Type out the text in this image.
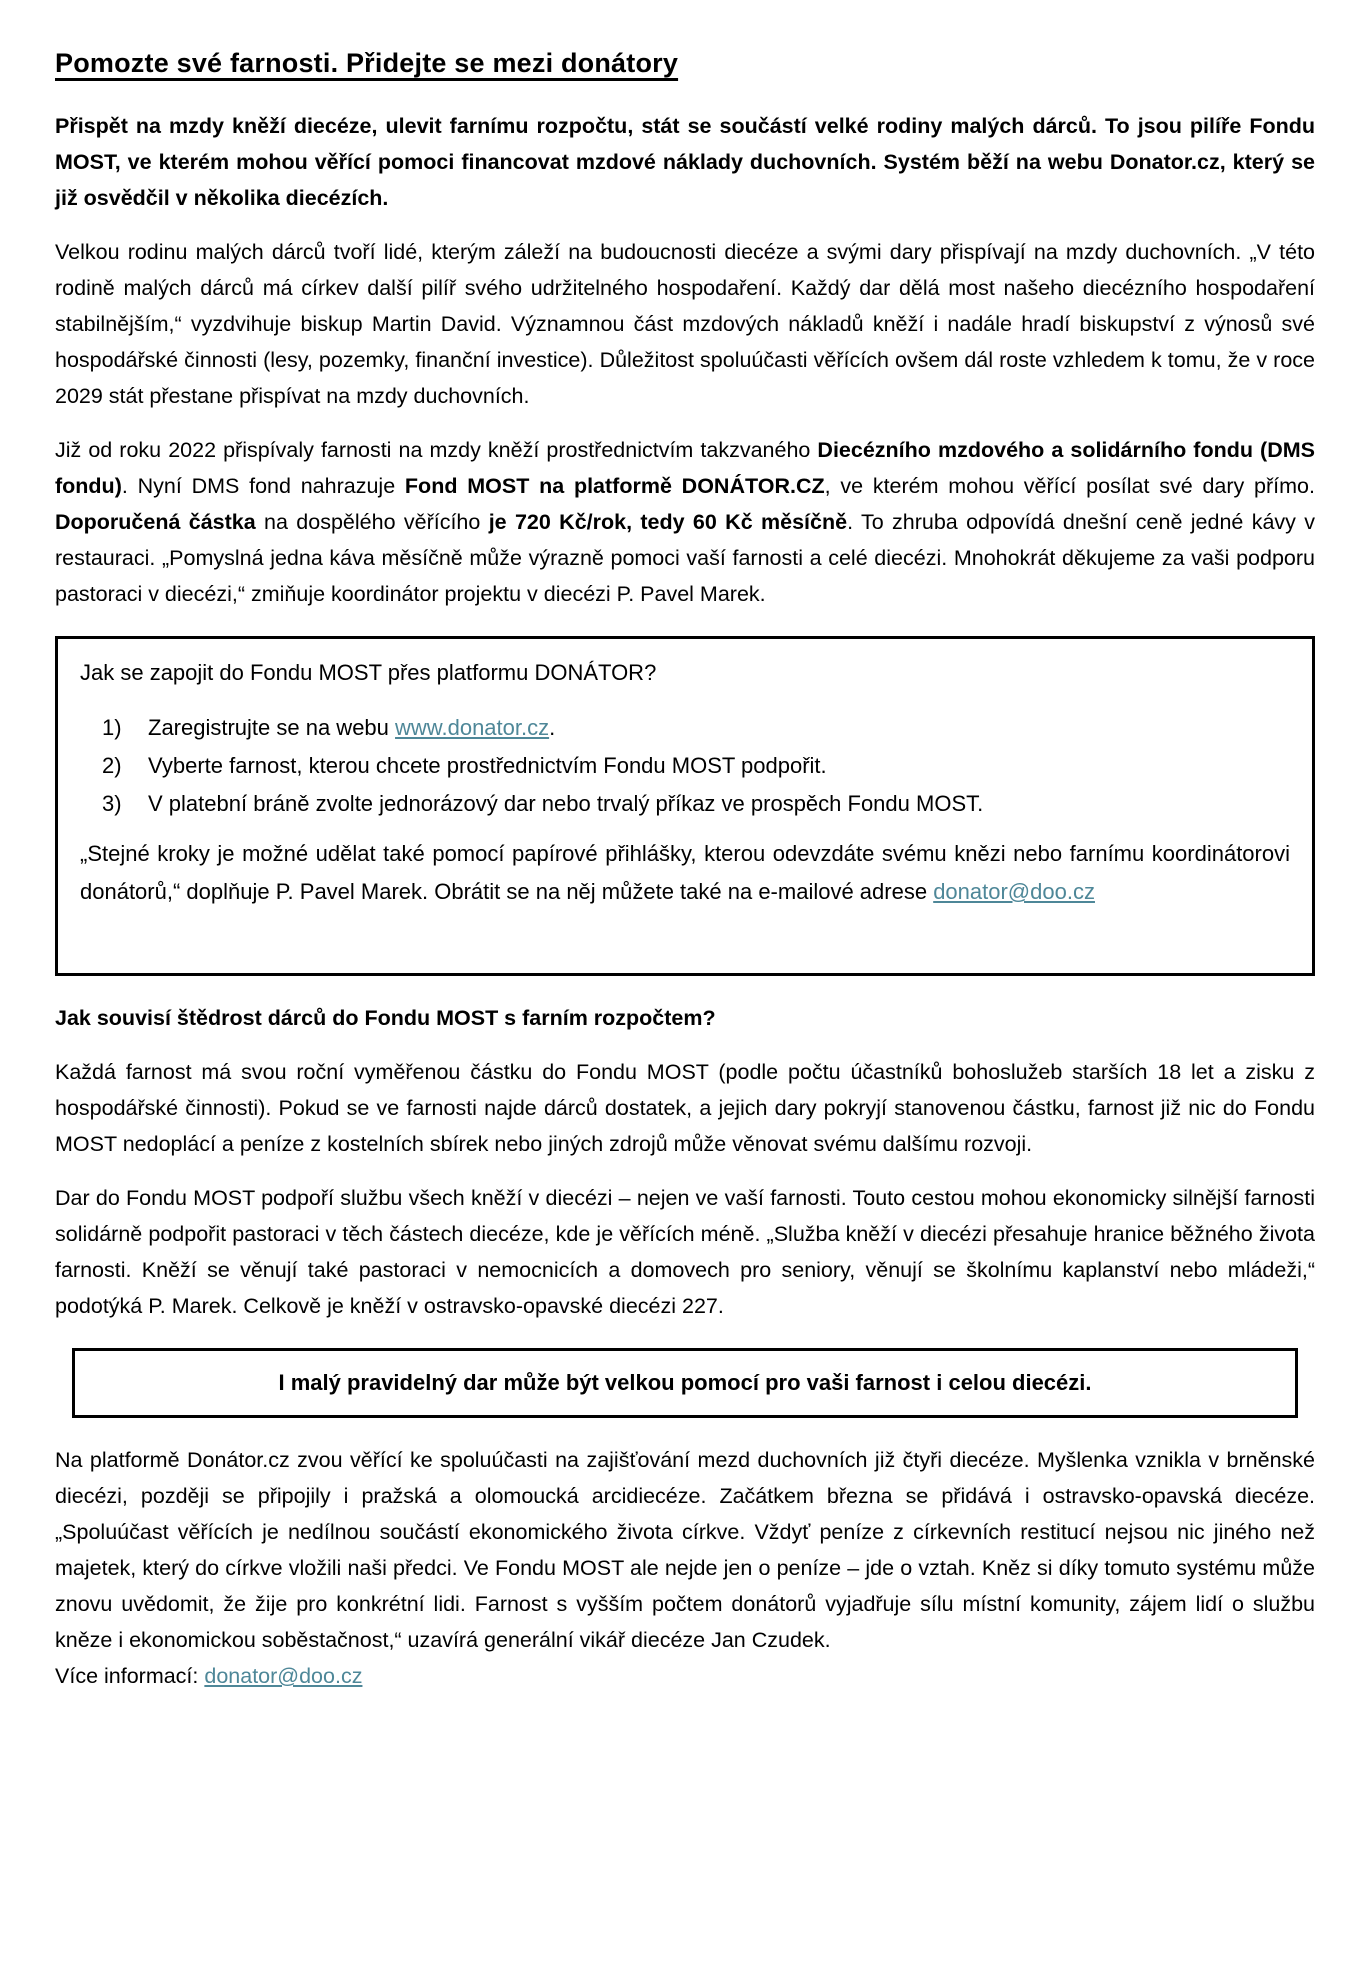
Pomozte své farnosti. Přidejte se mezi donátory

Přispět na mzdy kněží diecéze, ulevit farnímu rozpočtu, stát se součástí velké rodiny malých dárců. To jsou pilíře Fondu MOST, ve kterém mohou věřící pomoci financovat mzdové náklady duchovních. Systém běží na webu Donator.cz, který se již osvědčil v několika diecézích.

Velkou rodinu malých dárců tvoří lidé, kterým záleží na budoucnosti diecéze a svými dary přispívají na mzdy duchovních. „V této rodině malých dárců má církev další pilíř svého udržitelného hospodaření. Každý dar dělá most našeho diecézního hospodaření stabilnějším,“ vyzdvihuje biskup Martin David. Významnou část mzdových nákladů kněží i nadále hradí biskupství z výnosů své hospodářské činnosti (lesy, pozemky, finanční investice). Důležitost spoluúčasti věřících ovšem dál roste vzhledem k tomu, že v roce 2029 stát přestane přispívat na mzdy duchovních.

Již od roku 2022 přispívaly farnosti na mzdy kněží prostřednictvím takzvaného Diecézního mzdového a solidárního fondu (DMS fondu). Nyní DMS fond nahrazuje Fond MOST na platformě DONÁTOR.CZ, ve kterém mohou věřící posílat své dary přímo. Doporučená částka na dospělého věřícího je 720 Kč/rok, tedy 60 Kč měsíčně. To zhruba odpovídá dnešní ceně jedné kávy v restauraci. „Pomyslná jedna káva měsíčně může výrazně pomoci vaší farnosti a celé diecézi. Mnohokrát děkujeme za vaši podporu pastoraci v diecézi,“ zmiňuje koordinátor projektu v diecézi P. Pavel Marek.

Jak se zapojit do Fondu MOST přes platformu DONÁTOR?

Zaregistrujte se na webu www.donator.cz.
Vyberte farnost, kterou chcete prostřednictvím Fondu MOST podpořit.
V platební bráně zvolte jednorázový dar nebo trvalý příkaz ve prospěch Fondu MOST.

„Stejné kroky je možné udělat také pomocí papírové přihlášky, kterou odevzdáte svému knězi nebo farnímu koordinátorovi donátorů,“ doplňuje P. Pavel Marek. Obrátit se na něj můžete také na e-mailové adrese donator@doo.cz

Jak souvisí štědrost dárců do Fondu MOST s farním rozpočtem?

Každá farnost má svou roční vyměřenou částku do Fondu MOST (podle počtu účastníků bohoslužeb starších 18 let a zisku z hospodářské činnosti). Pokud se ve farnosti najde dárců dostatek, a jejich dary pokryjí stanovenou částku, farnost již nic do Fondu MOST nedoplácí a peníze z kostelních sbírek nebo jiných zdrojů může věnovat svému dalšímu rozvoji.

Dar do Fondu MOST podpoří službu všech kněží v diecézi – nejen ve vaší farnosti. Touto cestou mohou ekonomicky silnější farnosti solidárně podpořit pastoraci v těch částech diecéze, kde je věřících méně. „Služba kněží v diecézi přesahuje hranice běžného života farnosti. Kněží se věnují také pastoraci v nemocnicích a domovech pro seniory, věnují se školnímu kaplanství nebo mládeži,“ podotýká P. Marek. Celkově je kněží v ostravsko-opavské diecézi 227.

I malý pravidelný dar může být velkou pomocí pro vaši farnost i celou diecézi.

Na platformě Donátor.cz zvou věřící ke spoluúčasti na zajišťování mezd duchovních již čtyři diecéze. Myšlenka vznikla v brněnské diecézi, později se připojily i pražská a olomoucká arcidiecéze. Začátkem března se přidává i ostravsko-opavská diecéze. „Spoluúčast věřících je nedílnou součástí ekonomického života církve. Vždyť peníze z církevních restitucí nejsou nic jiného než majetek, který do církve vložili naši předci. Ve Fondu MOST ale nejde jen o peníze – jde o vztah. Kněz si díky tomuto systému může znovu uvědomit, že žije pro konkrétní lidi. Farnost s vyšším počtem donátorů vyjadřuje sílu místní komunity, zájem lidí o službu kněze i ekonomickou soběstačnost,“ uzavírá generální vikář diecéze Jan Czudek.

Více informací: donator@doo.cz
